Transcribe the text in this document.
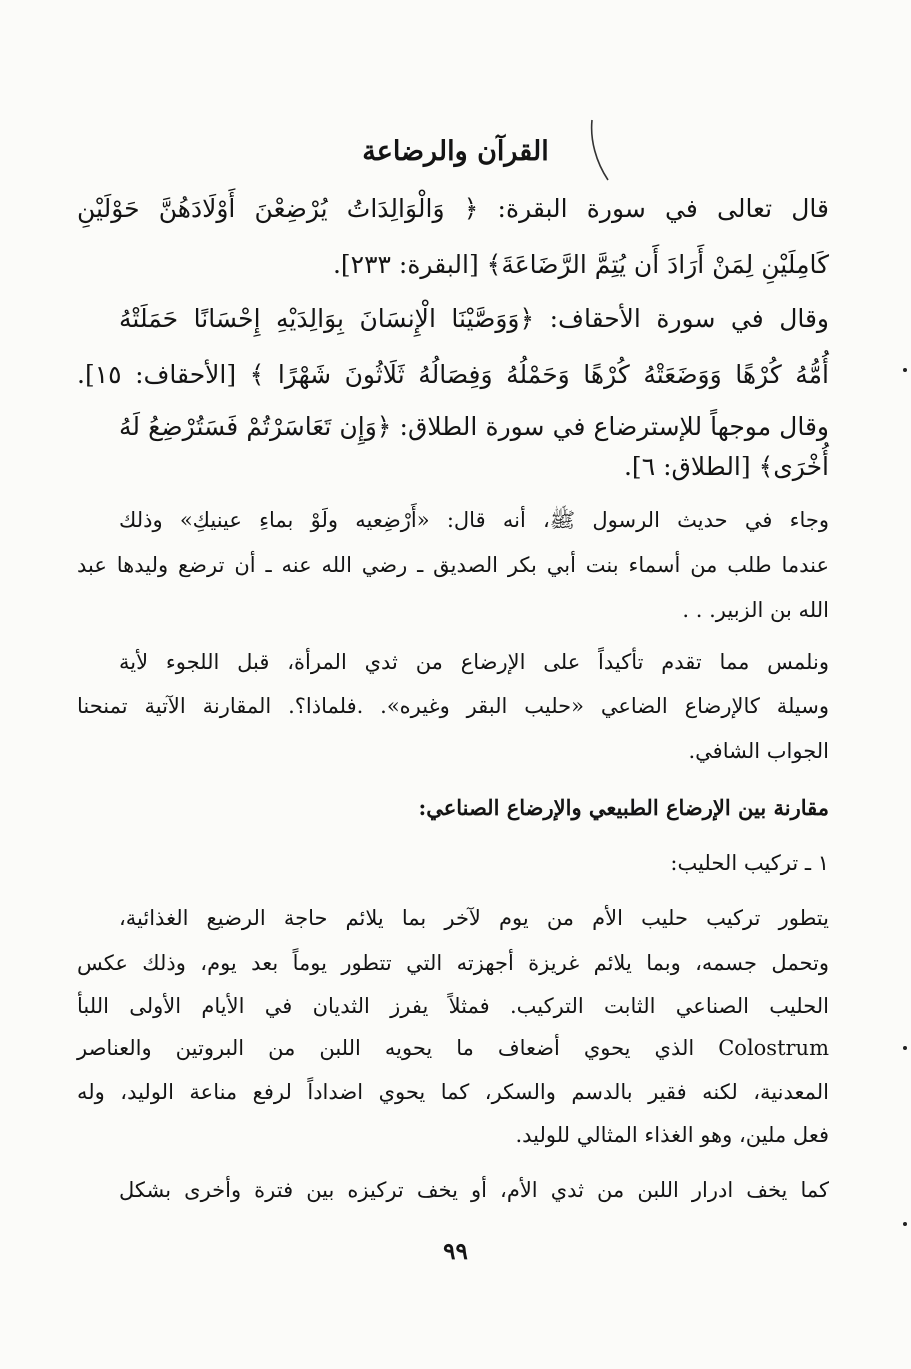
القرآن والرضاعة
قال تعالى في سورة البقرة: ﴿ وَالْوَالِدَاتُ يُرْضِعْنَ أَوْلَادَهُنَّ حَوْلَيْنِ
كَامِلَيْنِ لِمَنْ أَرَادَ أَن يُتِمَّ الرَّضَاعَةَ﴾ [البقرة: ٢٣٣].
وقال في سورة الأحقاف: ﴿وَوَصَّيْنَا الْإِنسَانَ بِوَالِدَيْهِ إِحْسَانًا حَمَلَتْهُ
أُمُّهُ كُرْهًا وَوَضَعَتْهُ كُرْهًا وَحَمْلُهُ وَفِصَالُهُ ثَلَاثُونَ شَهْرًا ﴾ [الأحقاف: ١٥].
وقال موجهاً للإسترضاع في سورة الطلاق: ﴿وَإِن تَعَاسَرْتُمْ فَسَتُرْضِعُ لَهُ
أُخْرَى﴾ [الطلاق: ٦].
وجاء في حديث الرسول ﷺ، أنه قال: «أَرْضِعيه ولَوْ بماءِ عينيكِ» وذلك
عندما طلب من أسماء بنت أبي بكر الصديق ـ رضي الله عنه ـ أن ترضع وليدها عبد
الله بن الزبير. . .
ونلمس مما تقدم تأكيداً على الإرضاع من ثدي المرأة، قبل اللجوء لأية
وسيلة كالإرضاع الضاعي «حليب البقر وغيره». .فلماذا؟. المقارنة الآتية تمنحنا
الجواب الشافي.
مقارنة بين الإرضاع الطبيعي والإرضاع الصناعي:
١ ـ تركيب الحليب:
يتطور تركيب حليب الأم من يوم لآخر بما يلائم حاجة الرضيع الغذائية،
وتحمل جسمه، وبما يلائم غريزة أجهزته التي تتطور يوماً بعد يوم، وذلك عكس
الحليب الصناعي الثابت التركيب. فمثلاً يفرز الثديان في الأيام الأولى اللبأ
Colostrum الذي يحوي أضعاف ما يحويه اللبن من البروتين والعناصر
المعدنية، لكنه فقير بالدسم والسكر، كما يحوي اضداداً لرفع مناعة الوليد، وله
فعل ملين، وهو الغذاء المثالي للوليد.
كما يخف ادرار اللبن من ثدي الأم، أو يخف تركيزه بين فترة وأخرى بشكل
٩٩
